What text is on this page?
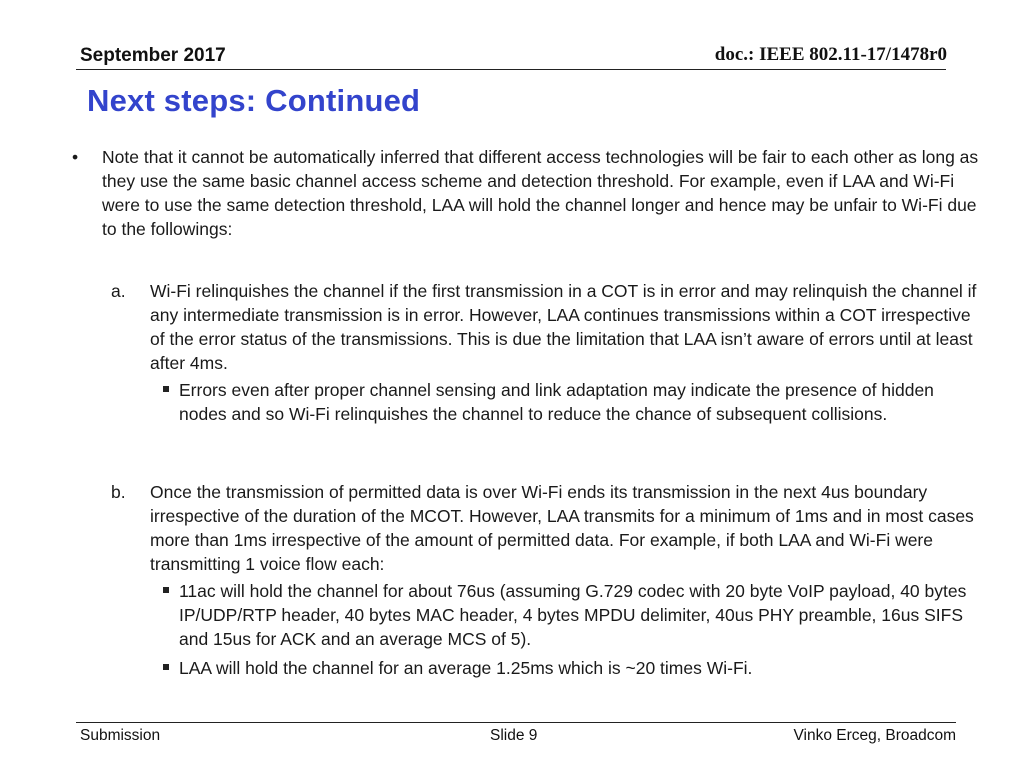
September 2017	doc.: IEEE 802.11-17/1478r0
Next steps: Continued
• Note that it cannot be automatically inferred that different access technologies will be fair to each other as long as they use the same basic channel access scheme and detection threshold. For example, even if LAA and Wi-Fi were to use the same detection threshold, LAA will hold the channel longer and hence may be unfair to Wi-Fi due to the followings:

a. Wi-Fi relinquishes the channel if the first transmission in a COT is in error and may relinquish the channel if any intermediate transmission is in error. However, LAA continues transmissions within a COT irrespective of the error status of the transmissions. This is due the limitation that LAA isn’t aware of errors until at least after 4ms.

Errors even after proper channel sensing and link adaptation may indicate the presence of hidden nodes and so Wi-Fi relinquishes the channel to reduce the chance of subsequent collisions.

b. Once the transmission of permitted data is over Wi-Fi ends its transmission in the next 4us boundary irrespective of the duration of the MCOT. However, LAA transmits for a minimum of 1ms and in most cases more than 1ms irrespective of the amount of permitted data. For example, if both LAA and Wi-Fi were transmitting 1 voice flow each:

11ac will hold the channel for about 76us (assuming G.729 codec with 20 byte VoIP payload, 40 bytes IP/UDP/RTP header, 40 bytes MAC header, 4 bytes MPDU delimiter, 40us PHY preamble, 16us SIFS and 15us for ACK and an average MCS of 5).

LAA will hold the channel for an average 1.25ms which is ~20 times Wi-Fi.

Submission	Slide 9	Vinko Erceg, Broadcom
